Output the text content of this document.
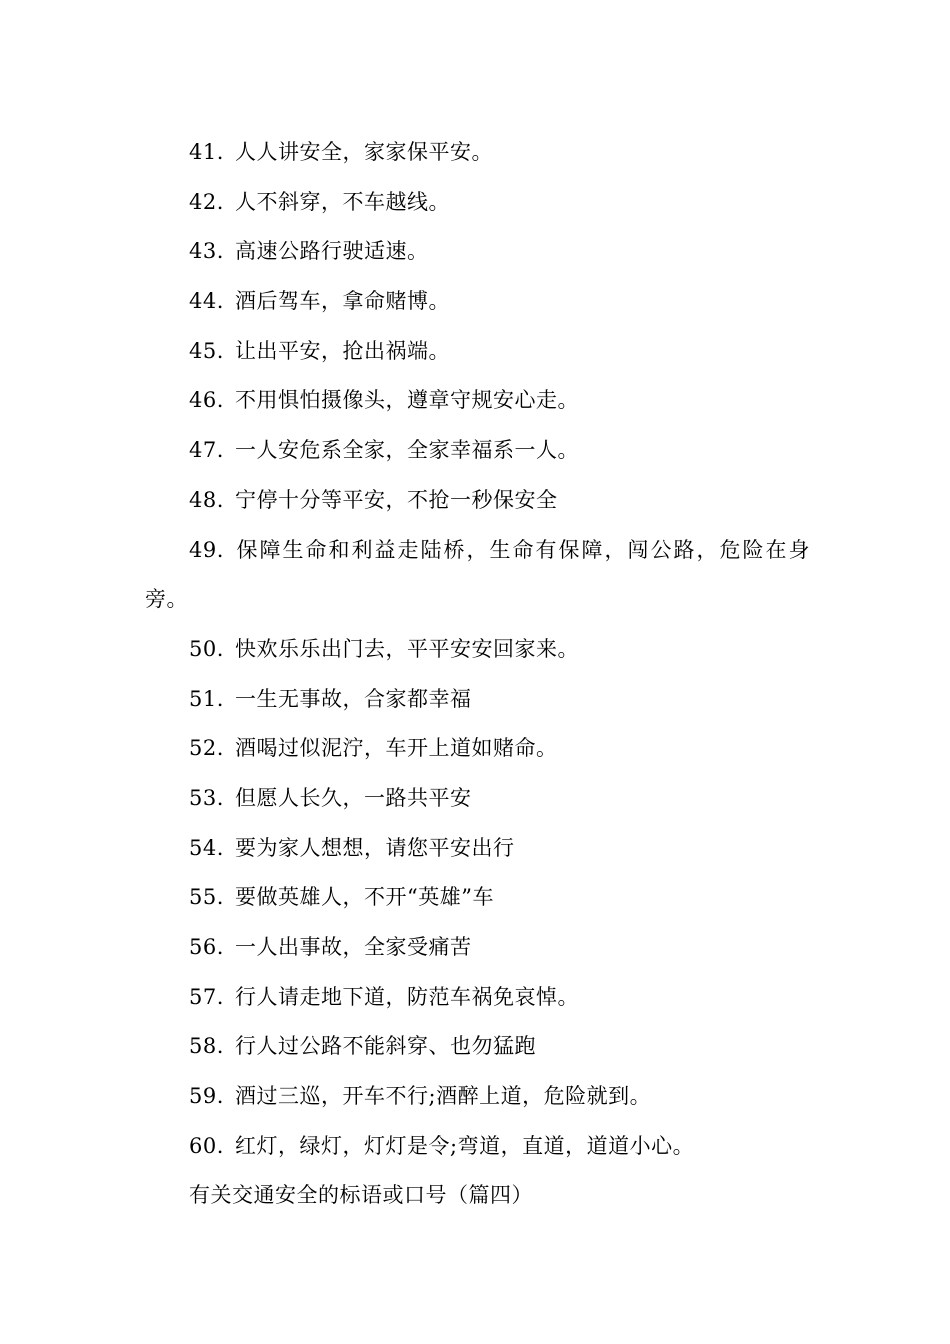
41. 人人讲安全，家家保平安。
42. 人不斜穿，不车越线。
43. 高速公路行驶适速。
44. 酒后驾车，拿命赌博。
45. 让出平安，抢出祸端。
46. 不用惧怕摄像头，遵章守规安心走。
47. 一人安危系全家，全家幸福系一人。
48. 宁停十分等平安，不抢一秒保安全
49. 保障生命和利益走陆桥，生命有保障，闯公路，危险在身旁。
50. 快欢乐乐出门去，平平安安回家来。
51. 一生无事故，合家都幸福
52. 酒喝过似泥泞，车开上道如赌命。
53. 但愿人长久，一路共平安
54. 要为家人想想，请您平安出行
55. 要做英雄人，不开“英雄”车
56. 一人出事故，全家受痛苦
57. 行人请走地下道，防范车祸免哀悼。
58. 行人过公路不能斜穿、也勿猛跑
59. 酒过三巡，开车不行;酒醉上道，危险就到。
60. 红灯，绿灯，灯灯是令;弯道，直道，道道小心。
有关交通安全的标语或口号（篇四）
